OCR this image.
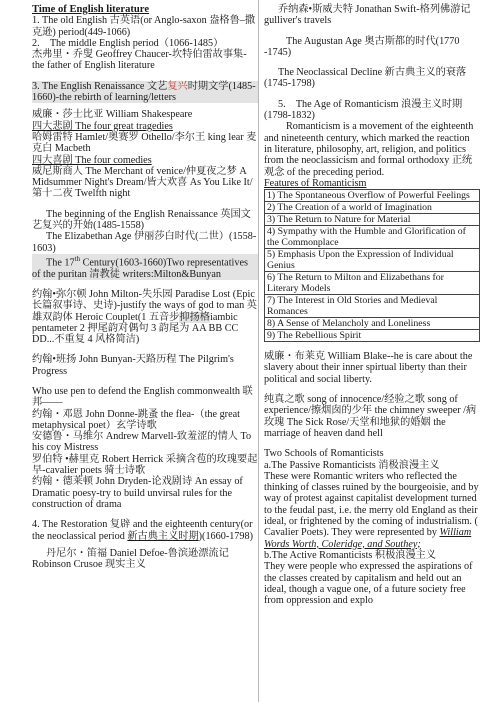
Time of English literature

1. The old English 古英语(or Anglo-saxon 盎格鲁–撒克逊) period(449-1066)

2.　The middle English period（1066-1485）

杰弗里・乔叟 Geoffrey Chaucer-坎特伯雷故事集-the father of English literature

3. The English Renaissance 文艺复兴时期文学(1485-1660)-the rebirth of learning/letters

威廉・莎士比亚 William Shakespeare

四大悲剧 The four great tragedies

哈姆雷特 Hamlet/奥赛罗 Othello/李尔王 king lear 麦克白 Macbeth

四大喜剧 The four comedies

威尼斯商人 The Merchant of venice/仲夏夜之梦 A Midsummer Night's Dream/皆大欢喜 As You Like It/第十二夜 Twelfth night

The beginning of the English Renaissance 英国文艺复兴的开始(1485-1558)

The Elizabethan Age 伊丽莎白时代(二世）(1558-1603)

The 17th Century(1603-1660)Two representatives of the puritan 清教徒 writers:Milton&Bunyan

约翰•弥尔顿 John Milton-失乐园 Paradise Lost (Epic 长篇叙事诗、史诗)-justify the ways of god to man 英雄双韵体 Heroic Couplet(1 五音步抑扬格iambic pentameter 2 押尾韵对偶句 3 韵尾为 AA BB CC DD...不重复 4 风格简洁)

约翰•班扬 John Bunyan-天路历程 The Pilgrim's Progress

Who use pen to defend the English commonwealth 联邦——

约翰・邓恩 John Donne-跳蚤 the flea-（the great metaphysical poet）玄学诗歌

安德鲁・马维尔 Andrew Marvell-致羞涩的情人 To his coy Mistress

罗伯特 •赫里克 Robert Herrick 采摘含苞的玫瑰要起早-cavalier poets 骑士诗歌

约翰・德莱顿 John Dryden-论戏剧诗 An essay of Dramatic poesy-try to build unvirsal rules for the construction of drama

4. The Restoration 复辟 and the eighteenth century(or the neoclassical period 新古典主义时期)(1660-1798)

丹尼尔・笛福 Daniel Defoe-鲁滨逊漂流记 Robinson Crusoe 现实主义

乔纳森•斯威夫特 Jonathan Swift-格列佛游记 gulliver's travels

The Augustan Age 奥古斯都的时代(1770 -1745)

The Neoclassical Decline 新古典主义的衰落 (1745-1798)

5.　The Age of Romanticism 浪漫主义时期(1798-1832)

Romanticism is a movement of the eighteenth and nineteenth century, which marked the reaction in literature, philosophy, art, religion, and politics from the neoclassicism and formal orthodoxy 正统观念 of the preceding period.

Features of Romanticism

1) The Spontaneous Overflow of Powerful Feelings

2) The Creation of a world of Imagination

3) The Return to Nature for Material

4) Sympathy with the Humble and Glorification of the Commonplace

5) Emphasis Upon the Expression of Individual Genius

6) The Return to Milton and Elizabethans for Literary Models

7) The Interest in Old Stories and Medieval Romances

8) A Sense of Melancholy and Loneliness

9) The Rebellious Spirit

威廉・布莱克 William Blake--he is care about the slavery about their inner spirtual liberty than their political and social liberty.

纯真之歌 song of innocence/经验之歌 song of experience/擦烟囱的少年 the chimney sweeper /病玫瑰 The Sick Rose/天堂和地狱的婚姻 the marriage of heaven dand hell

Two Schools of Romanticists

a.The Passive Romanticists 消极浪漫主义

These were Romantic writers who reflected the thinking of classes ruined by the bourgeoisie, and by way of protest against capitalist development turned to the feudal past, i.e. the merry old England as their ideal, or frightened by the coming of industrialism. ( Cavalier Poets). They were represented by William Words Worth, Coleridge, and Southey;

b.The Active Romanticists 积极浪漫主义

They were people who expressed the aspirations of the classes created by capitalism and held out an ideal, though a vague one, of a future society free from oppression and explo
